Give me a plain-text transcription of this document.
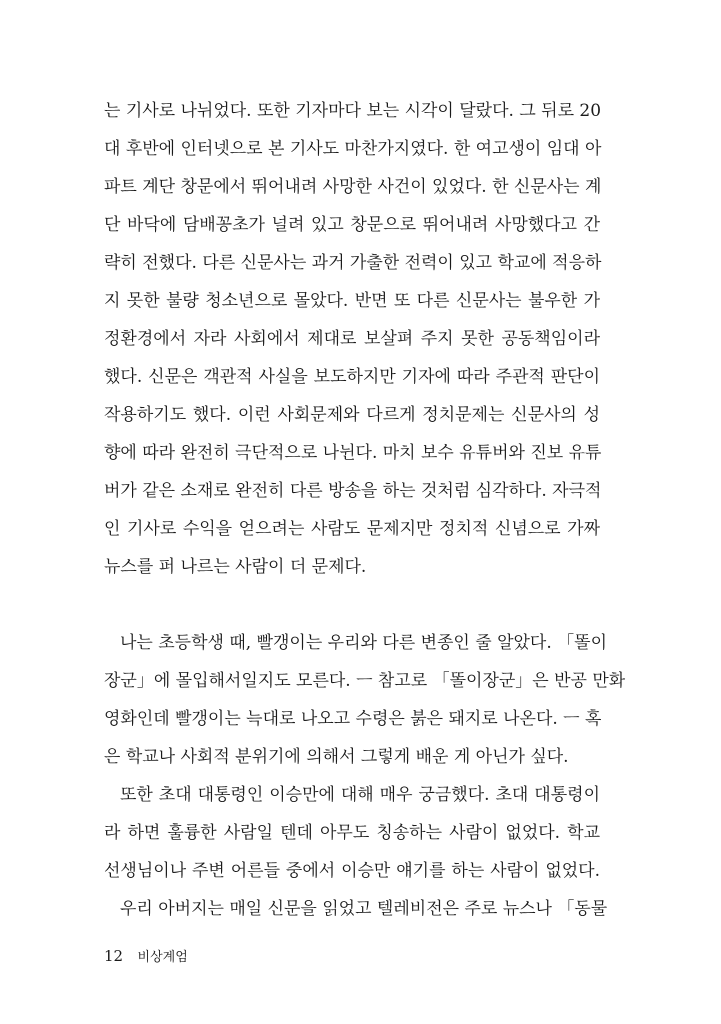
는 기사로 나뉘었다. 또한 기자마다 보는 시각이 달랐다. 그 뒤로 20
대 후반에 인터넷으로 본 기사도 마찬가지였다. 한 여고생이 임대 아
파트 계단 창문에서 뛰어내려 사망한 사건이 있었다. 한 신문사는 계
단 바닥에 담배꽁초가 널려 있고 창문으로 뛰어내려 사망했다고 간
략히 전했다. 다른 신문사는 과거 가출한 전력이 있고 학교에 적응하
지 못한 불량 청소년으로 몰았다. 반면 또 다른 신문사는 불우한 가
정환경에서 자라 사회에서 제대로 보살펴 주지 못한 공동책임이라
했다. 신문은 객관적 사실을 보도하지만 기자에 따라 주관적 판단이
작용하기도 했다. 이런 사회문제와 다르게 정치문제는 신문사의 성
향에 따라 완전히 극단적으로 나뉜다. 마치 보수 유튜버와 진보 유튜
버가 같은 소재로 완전히 다른 방송을 하는 것처럼 심각하다. 자극적
인 기사로 수익을 얻으려는 사람도 문제지만 정치적 신념으로 가짜
뉴스를 퍼 나르는 사람이 더 문제다.
나는 초등학생 때, 빨갱이는 우리와 다른 변종인 줄 알았다. 「똘이
장군」에 몰입해서일지도 모른다. ㅡ 참고로 「똘이장군」은 반공 만화
영화인데 빨갱이는 늑대로 나오고 수령은 붉은 돼지로 나온다. ㅡ 혹
은 학교나 사회적 분위기에 의해서 그렇게 배운 게 아닌가 싶다.
또한 초대 대통령인 이승만에 대해 매우 궁금했다. 초대 대통령이
라 하면 훌륭한 사람일 텐데 아무도 칭송하는 사람이 없었다. 학교
선생님이나 주변 어른들 중에서 이승만 얘기를 하는 사람이 없었다.
우리 아버지는 매일 신문을 읽었고 텔레비전은 주로 뉴스나 「동물
12 비상계엄
